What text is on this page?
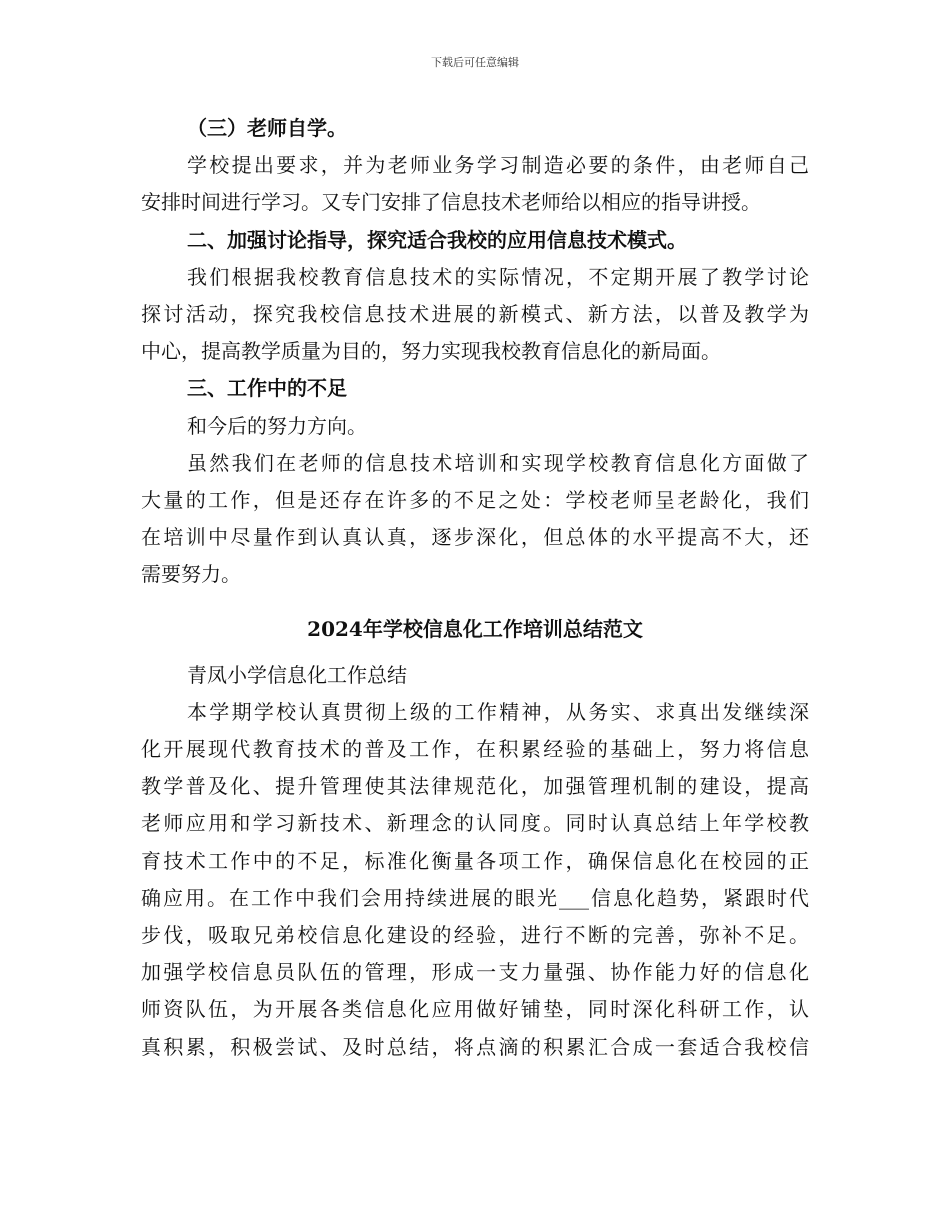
下载后可任意编辑
（三）老师自学。
学校提出要求，并为老师业务学习制造必要的条件，由老师自己
安排时间进行学习。又专门安排了信息技术老师给以相应的指导讲授。
二、加强讨论指导，探究适合我校的应用信息技术模式。
我们根据我校教育信息技术的实际情况，不定期开展了教学讨论
探讨活动，探究我校信息技术进展的新模式、新方法，以普及教学为
中心，提高教学质量为目的，努力实现我校教育信息化的新局面。
三、工作中的不足
和今后的努力方向。
虽然我们在老师的信息技术培训和实现学校教育信息化方面做了
大量的工作，但是还存在许多的不足之处：学校老师呈老龄化，我们
在培训中尽量作到认真认真，逐步深化，但总体的水平提高不大，还
需要努力。
2024年学校信息化工作培训总结范文
青凤小学信息化工作总结
本学期学校认真贯彻上级的工作精神，从务实、求真出发继续深
化开展现代教育技术的普及工作，在积累经验的基础上，努力将信息
教学普及化、提升管理使其法律规范化，加强管理机制的建设，提高
老师应用和学习新技术、新理念的认同度。同时认真总结上年学校教
育技术工作中的不足，标准化衡量各项工作，确保信息化在校园的正
确应用。在工作中我们会用持续进展的眼光___信息化趋势，紧跟时代
步伐，吸取兄弟校信息化建设的经验，进行不断的完善，弥补不足。
加强学校信息员队伍的管理，形成一支力量强、协作能力好的信息化
师资队伍，为开展各类信息化应用做好铺垫，同时深化科研工作，认
真积累，积极尝试、及时总结，将点滴的积累汇合成一套适合我校信
